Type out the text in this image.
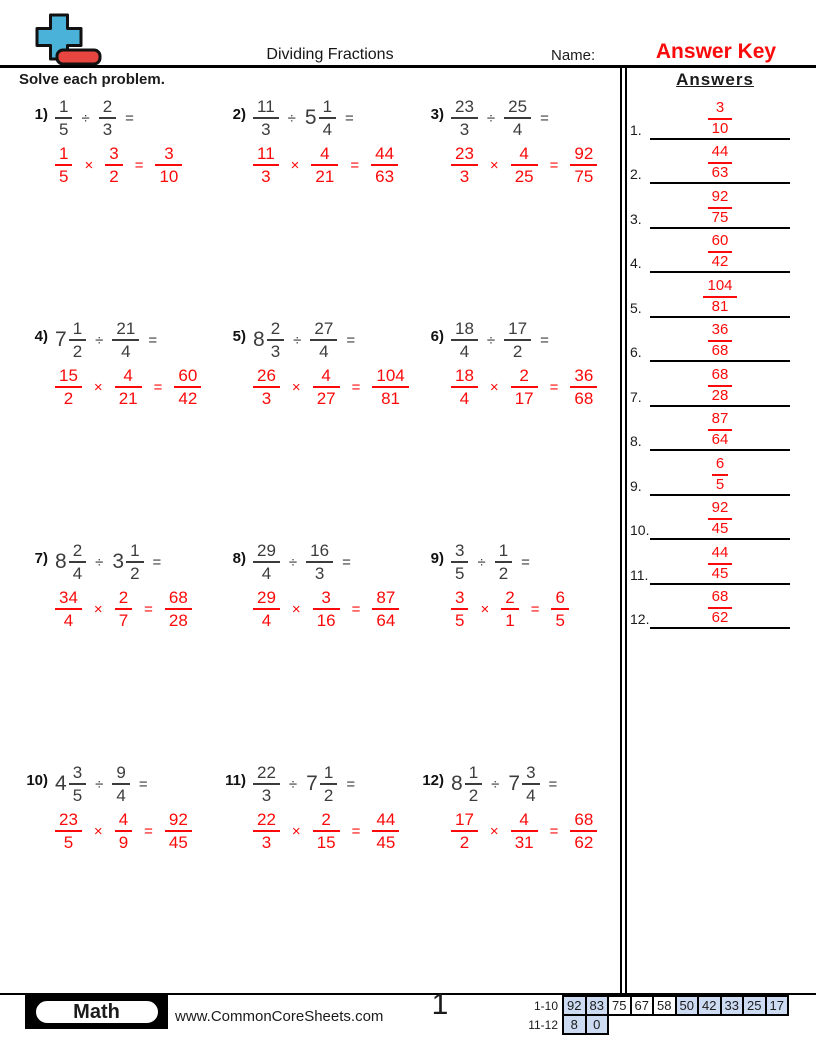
Dividing Fractions	Name:	Answer Key
Solve each problem.
$1) \frac{1}{5} \div \frac{2}{3}$ =
$\frac{1}{5} \times \frac{3}{2} = \frac{3}{10}$
$2) \frac{11}{3} \div 5 \frac{1}{4}$ =
$\frac{11}{3} \times \frac{4}{21} = \frac{44}{63}$
$3) \frac{23}{3} \div \frac{25}{4}$ =
$\frac{23}{3} \times \frac{4}{25} = \frac{92}{75}$
4) $7 \frac{1}{2} \div \frac{21}{4}$ =
$\frac{15}{2} \times \frac{4}{21} = \frac{60}{42}$
5) $8 \frac{2}{3} \div \frac{27}{4}$ =
$\frac{26}{3} \times \frac{4}{27} = \frac{104}{81}$
$6) \frac{18}{4} \div \frac{17}{2}$ =
$\frac{18}{4} \times \frac{2}{17} = \frac{36}{68}$
7) $8 \frac{2}{4} \div 3 \frac{1}{2}$ =
$\frac{34}{4} \times \frac{2}{7} = \frac{68}{28}$
$8) \frac{29}{4} \div \frac{16}{3}$ =
$\frac{29}{4} \times \frac{3}{16} = \frac{87}{64}$
$9) \frac{3}{5} \div \frac{1}{2}$ =
$\frac{3}{5} \times \frac{2}{1} = \frac{6}{5}$
10) $4 \frac{3}{5} \div \frac{9}{4}$ =
$\frac{23}{5} \times \frac{4}{9} = \frac{92}{45}$
$11) \frac{22}{3} \div 7 \frac{1}{2}$ =
$\frac{22}{3} \times \frac{2}{15} = \frac{44}{45}$
12) $8 \frac{1}{2} \div 7 \frac{3}{4}$ =
$\frac{17}{2} \times \frac{4}{31} = \frac{68}{62}$
Answers
1.	$\frac{3}{10}$
2.	$\frac{44}{63}$
3.	$\frac{92}{75}$
4.	$\frac{60}{42}$
5.	$\frac{104}{81}$
6.	$\frac{36}{68}$
7.	$\frac{68}{28}$
8.	$\frac{87}{64}$
9.	$\frac{6}{5}$
10.	$\frac{92}{45}$
11.	$\frac{44}{45}$
12.	$\frac{68}{62}$
Math	www.CommonCoreSheets.com	1	1-10 92 83 75 67 58 50 42 33 25 17
11-12 8	0
